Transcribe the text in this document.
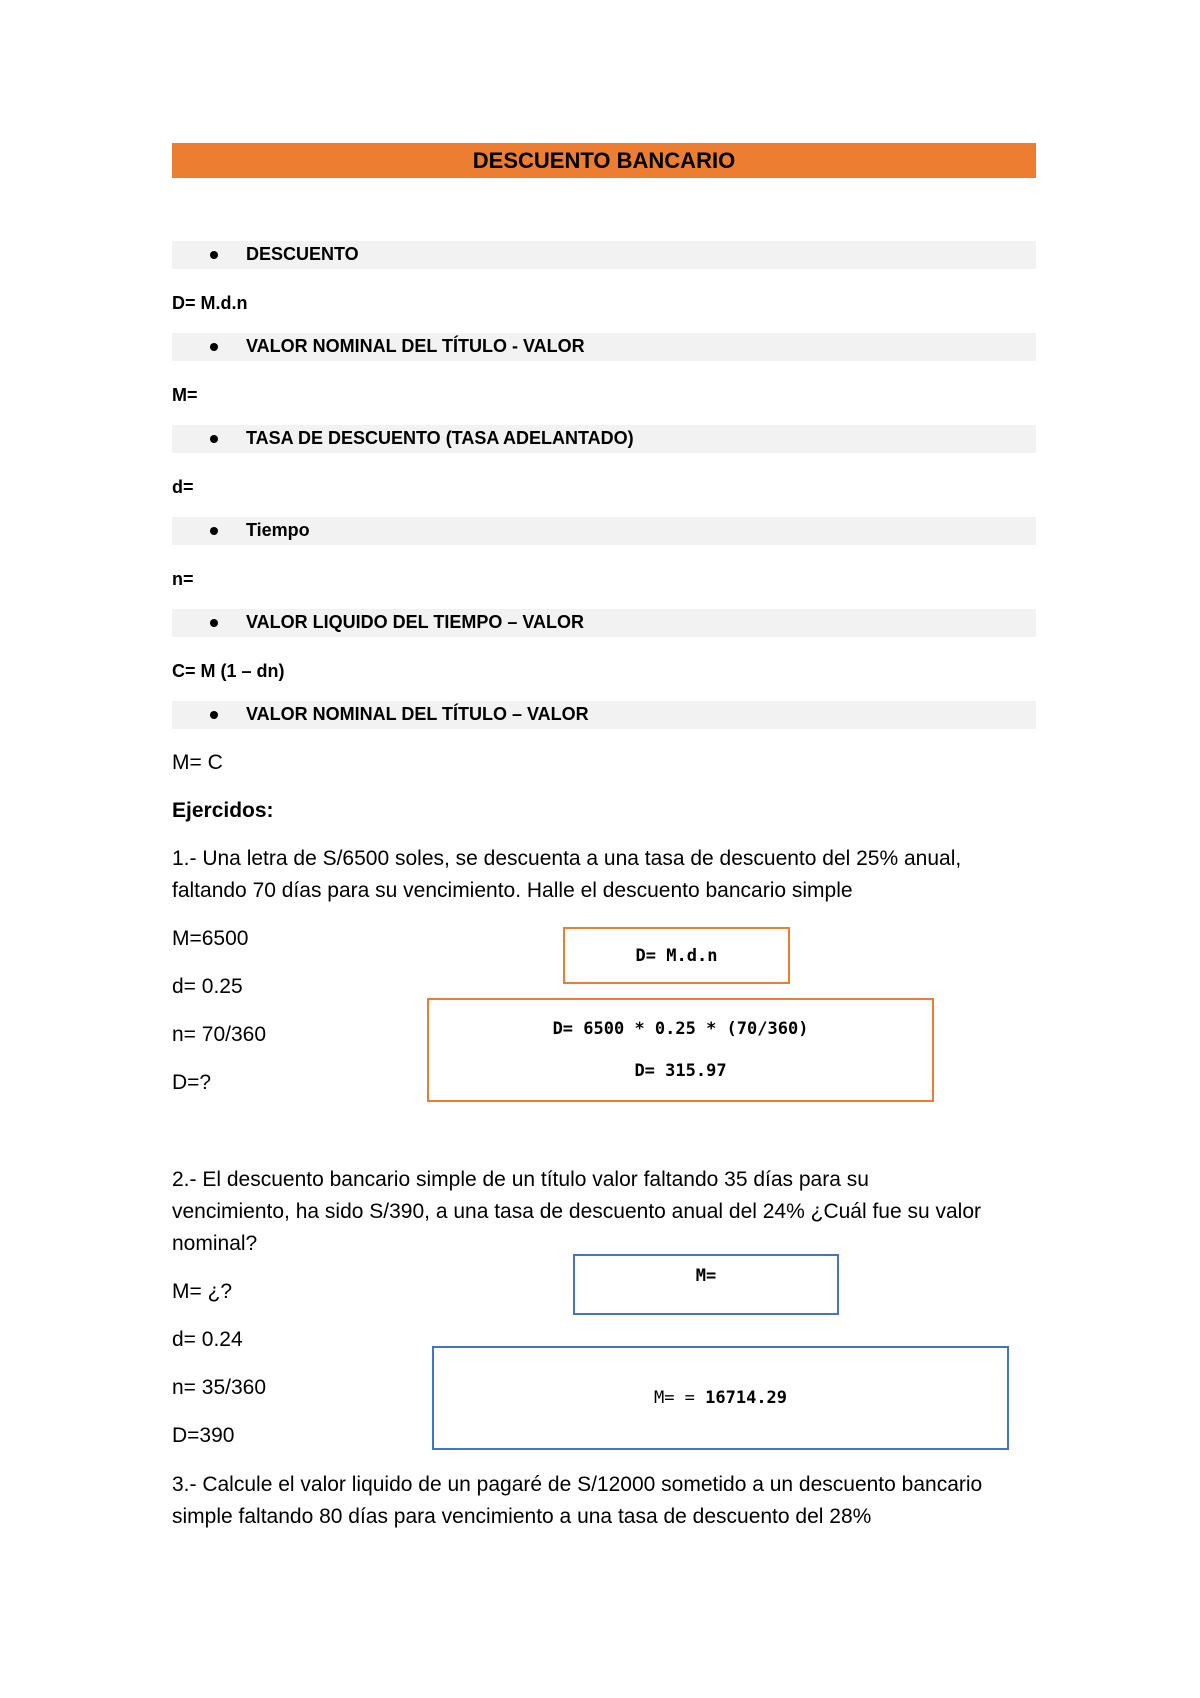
DESCUENTO BANCARIO
DESCUENTO
D= M.d.n
VALOR NOMINAL DEL TÍTULO - VALOR
M=
TASA DE DESCUENTO (TASA ADELANTADO)
d=
Tiempo
n=
VALOR LIQUIDO DEL TIEMPO – VALOR
C= M (1 – dn)
VALOR NOMINAL DEL TÍTULO – VALOR
M= C
Ejercidos:
1.- Una letra de S/6500 soles, se descuenta a una tasa de descuento del 25% anual,
faltando 70 días para su vencimiento. Halle el descuento bancario simple
M=6500
d= 0.25
n= 70/360
D=?
D= M.d.n
D= 6500 * 0.25 * (70/360)
D= 315.97
2.- El descuento bancario simple de un título valor faltando 35 días para su
vencimiento, ha sido S/390, a una tasa de descuento anual del 24% ¿Cuál fue su valor
nominal?
M= ¿?
d= 0.24
n= 35/360
D=390
M=
M= = 16714.29
3.- Calcule el valor liquido de un pagaré de S/12000 sometido a un descuento bancario
simple faltando 80 días para vencimiento a una tasa de descuento del 28%
